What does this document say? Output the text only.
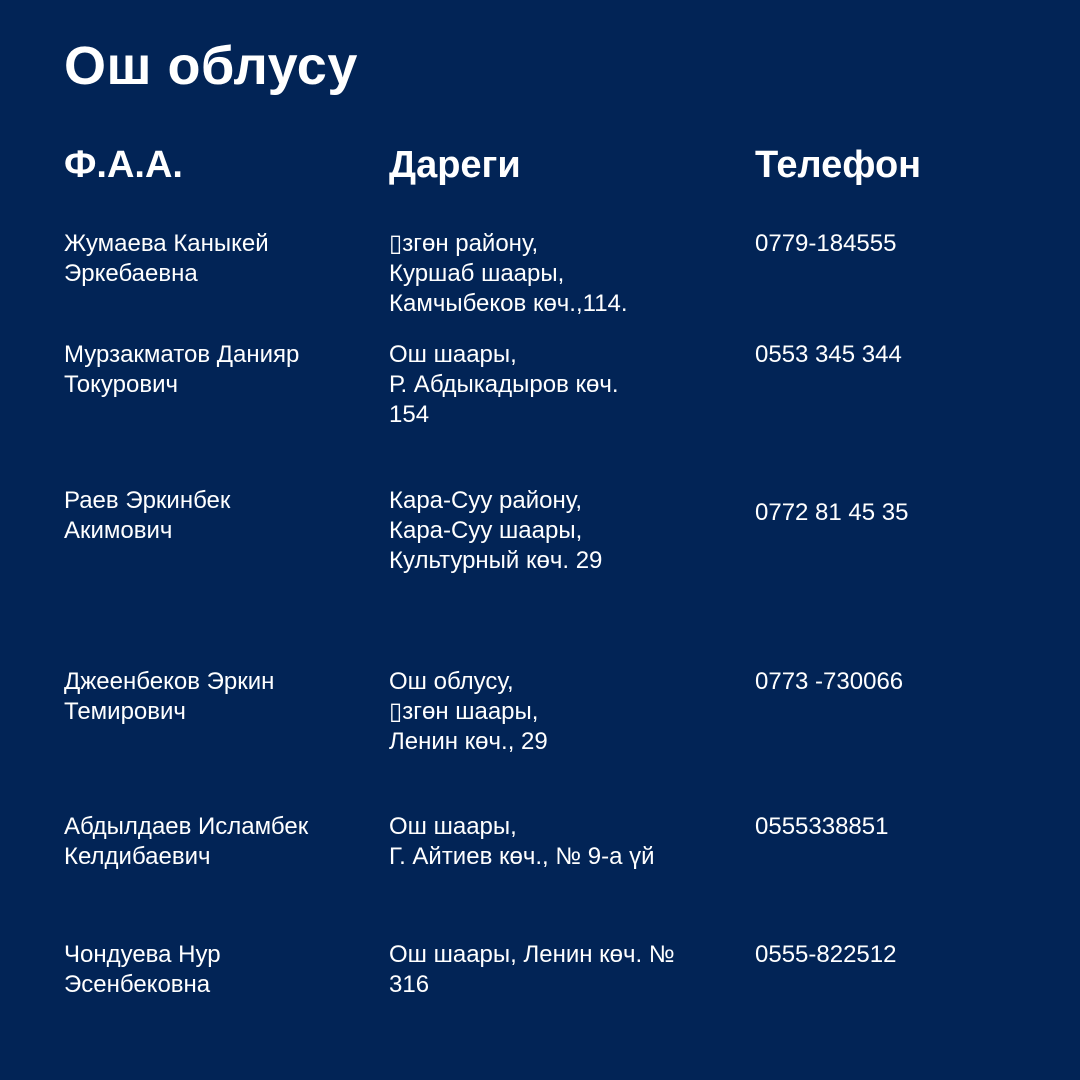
Ош облусу
Ф.А.А.	Дареги	Телефон
Жумаева Каныкей
Эркебаевна
▯згөн району,
Куршаб шаары,
Камчыбеков көч.,114.
0779-184555
Мурзакматов Данияр
Токурович
Ош шаары,
Р. Абдыкадыров көч.
154
0553 345 344
Раев Эркинбек
Акимович
Кара-Суу району,
Кара-Суу шаары,
Культурный көч. 29
0772 81 45 35
Джеенбеков Эркин
Темирович
Ош облусу,
▯згөн шаары,
Ленин көч., 29
0773 -730066
Абдылдаев Исламбек
Келдибаевич
Ош шаары,
Г. Айтиев көч., № 9-а үй
0555338851
Чондуева Нур
Эсенбековна
Ош шаары, Ленин көч. №
316
0555-822512
